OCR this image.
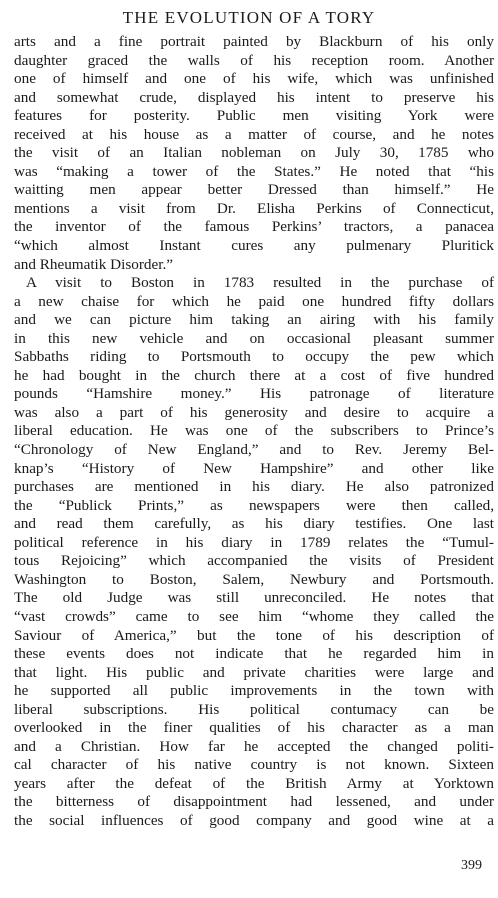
THE EVOLUTION OF A TORY
arts and a fine portrait painted by Blackburn of his only
daughter graced the walls of his reception room. Another
one of himself and one of his wife, which was unfinished
and somewhat crude, displayed his intent to preserve his
features for posterity. Public men visiting York were
received at his house as a matter of course, and he notes
the visit of an Italian nobleman on July 30, 1785 who
was “making a tower of the States.” He noted that “his
waitting men appear better Dressed than himself.” He
mentions a visit from Dr. Elisha Perkins of Connecticut,
the inventor of the famous Perkins’ tractors, a panacea
“which almost Instant cures any pulmenary Pluritick
and Rheumatik Disorder.”
A visit to Boston in 1783 resulted in the purchase of
a new chaise for which he paid one hundred fifty dollars
and we can picture him taking an airing with his family
in this new vehicle and on occasional pleasant summer
Sabbaths riding to Portsmouth to occupy the pew which
he had bought in the church there at a cost of five hundred
pounds “Hamshire money.” His patronage of literature
was also a part of his generosity and desire to acquire a
liberal education. He was one of the subscribers to Prince’s
“Chronology of New England,” and to Rev. Jeremy Bel-
knap’s “History of New Hampshire” and other like
purchases are mentioned in his diary. He also patronized
the “Publick Prints,” as newspapers were then called,
and read them carefully, as his diary testifies. One last
political reference in his diary in 1789 relates the “Tumul-
tous Rejoicing” which accompanied the visits of President
Washington to Boston, Salem, Newbury and Portsmouth.
The old Judge was still unreconciled. He notes that
“vast crowds” came to see him “whome they called the
Saviour of America,” but the tone of his description of
these events does not indicate that he regarded him in
that light. His public and private charities were large and
he supported all public improvements in the town with
liberal subscriptions. His political contumacy can be
overlooked in the finer qualities of his character as a man
and a Christian. How far he accepted the changed politi-
cal character of his native country is not known. Sixteen
years after the defeat of the British Army at Yorktown
the bitterness of disappointment had lessened, and under
the social influences of good company and good wine at a
399
